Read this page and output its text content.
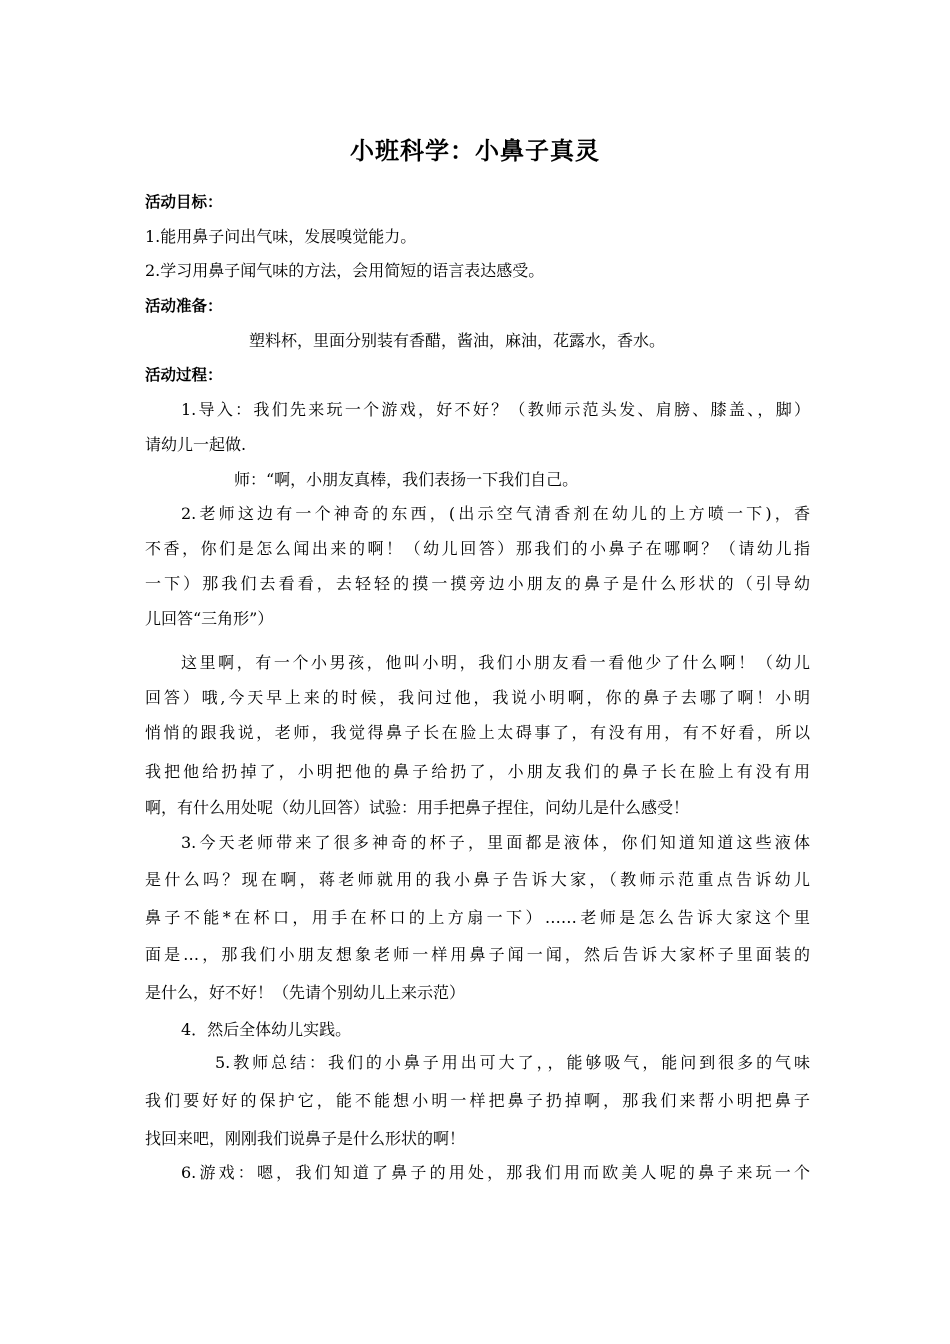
小班科学：小鼻子真灵
活动目标：
1.能用鼻子问出气味，发展嗅觉能力。
2.学习用鼻子闻气味的方法，会用简短的语言表达感受。
活动准备：
塑料杯，里面分别装有香醋，酱油，麻油，花露水，香水。
活动过程：
1.导入：我们先来玩一个游戏，好不好？（教师示范头发、肩膀、膝盖、，脚）
请幼儿一起做.
师：“啊，小朋友真棒，我们表扬一下我们自己。
2.老师这边有一个神奇的东西，(出示空气清香剂在幼儿的上方喷一下)，香
不香，你们是怎么闻出来的啊！（幼儿回答）那我们的小鼻子在哪啊？（请幼儿指
一下）那我们去看看，去轻轻的摸一摸旁边小朋友的鼻子是什么形状的（引导幼
儿回答“三角形”）
这里啊，有一个小男孩，他叫小明，我们小朋友看一看他少了什么啊！（幼儿
回答）哦,今天早上来的时候，我问过他，我说小明啊，你的鼻子去哪了啊！小明
悄悄的跟我说，老师，我觉得鼻子长在脸上太碍事了，有没有用，有不好看，所以
我把他给扔掉了，小明把他的鼻子给扔了，小朋友我们的鼻子长在脸上有没有用
啊，有什么用处呢（幼儿回答）试验：用手把鼻子捏住，问幼儿是什么感受！
3.今天老师带来了很多神奇的杯子，里面都是液体，你们知道知道这些液体
是什么吗？现在啊，蒋老师就用的我小鼻子告诉大家，（教师示范重点告诉幼儿
鼻子不能*在杯口，用手在杯口的上方扇一下）……老师是怎么告诉大家这个里
面是…，那我们小朋友想象老师一样用鼻子闻一闻，然后告诉大家杯子里面装的
是什么，好不好！（先请个别幼儿上来示范）
4．然后全体幼儿实践。
5.教师总结：我们的小鼻子用出可大了，，能够吸气，能问到很多的气味
我们要好好的保护它，能不能想小明一样把鼻子扔掉啊，那我们来帮小明把鼻子
找回来吧，刚刚我们说鼻子是什么形状的啊！
6.游戏：嗯，我们知道了鼻子的用处，那我们用而欧美人呢的鼻子来玩一个
